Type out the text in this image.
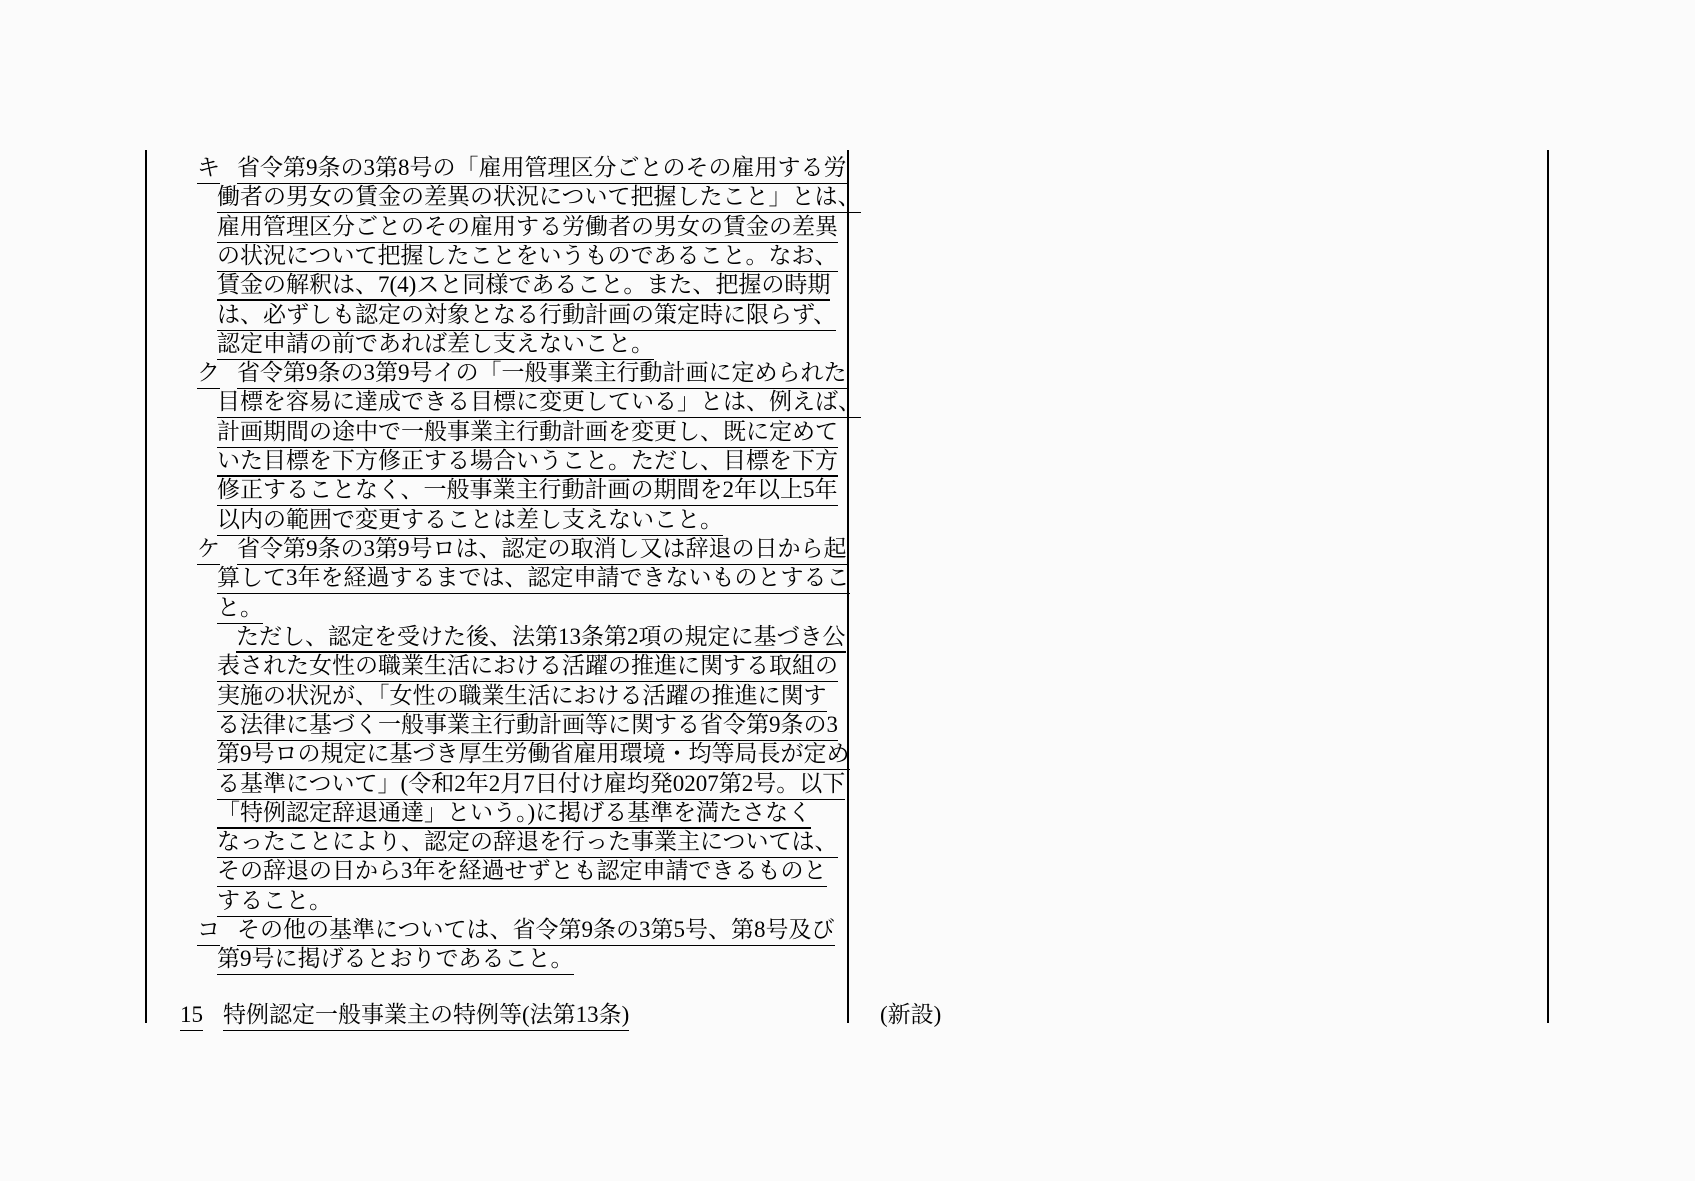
キ 省令第9条の3第8号の「雇用管理区分ごとのその雇用する労
働者の男女の賃金の差異の状況について把握したこと」とは、
雇用管理区分ごとのその雇用する労働者の男女の賃金の差異
の状況について把握したことをいうものであること。なお、
賃金の解釈は、7(4)スと同様であること。また、把握の時期
は、必ずしも認定の対象となる行動計画の策定時に限らず、
認定申請の前であれば差し支えないこと。
ク 省令第9条の3第9号イの「一般事業主行動計画に定められた
目標を容易に達成できる目標に変更している」とは、例えば、
計画期間の途中で一般事業主行動計画を変更し、既に定めて
いた目標を下方修正する場合いうこと。ただし、目標を下方
修正することなく、一般事業主行動計画の期間を2年以上5年
以内の範囲で変更することは差し支えないこと。
ケ 省令第9条の3第9号ロは、認定の取消し又は辞退の日から起
算して3年を経過するまでは、認定申請できないものとするこ
と。
ただし、認定を受けた後、法第13条第2項の規定に基づき公
表された女性の職業生活における活躍の推進に関する取組の
実施の状況が、「女性の職業生活における活躍の推進に関す
る法律に基づく一般事業主行動計画等に関する省令第9条の3
第9号ロの規定に基づき厚生労働省雇用環境・均等局長が定め
る基準について」(令和2年2月7日付け雇均発0207第2号。以下
「特例認定辞退通達」という。)に掲げる基準を満たさなく
なったことにより、認定の辞退を行った事業主については、
その辞退の日から3年を経過せずとも認定申請できるものと
すること。
コ その他の基準については、省令第9条の3第5号、第8号及び
第9号に掲げるとおりであること。
15 特例認定一般事業主の特例等(法第13条)	(新設)
